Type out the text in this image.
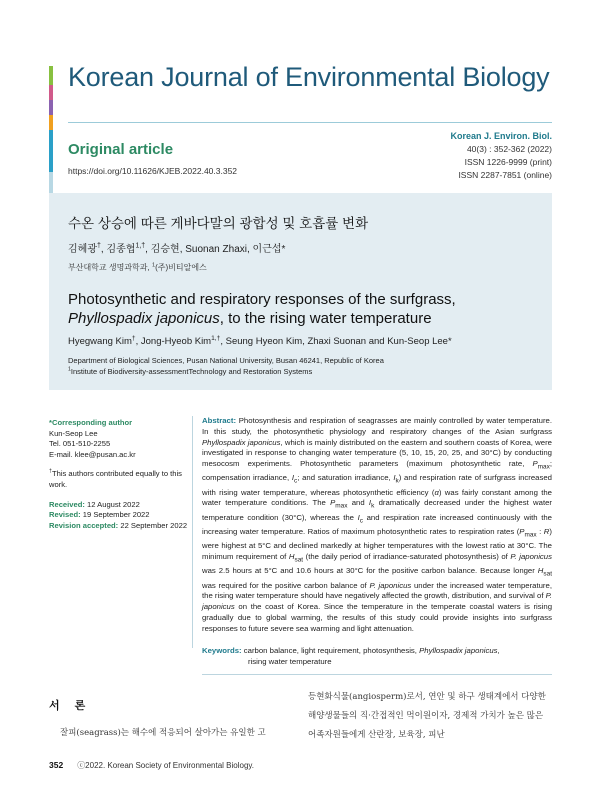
Korean Journal of Environmental Biology
Original article
https://doi.org/10.11626/KJEB.2022.40.3.352
Korean J. Environ. Biol.
40(3) : 352-362 (2022)
ISSN 1226-9999 (print)
ISSN 2287-7851 (online)
수온 상승에 따른 게바다말의 광합성 및 호흡률 변화
김혜광†, 김종협$^{1,\dagger}$, 김승현, Suonan Zhaxi, 이근섭*
부산대학교 생명과학과, $^1$(주)비티알에스
Photosynthetic and respiratory responses of the surfgrass,
Phyllospadix japonicus, to the rising water temperature
Hyegwang Kim†, Jong-Hyeob Kim$^{1,\dagger}$, Seung Hyeon Kim, Zhaxi Suonan and Kun-Seop Lee*
Department of Biological Sciences, Pusan National University, Busan 46241, Republic of Korea
$^1$Institute of Biodiversity-assessmentTechnology and Restoration Systems
*Corresponding author
Kun-Seop Lee
Tel. 051-510-2255
E-mail. klee@pusan.ac.kr
†This authors contributed equally to this work.
Received: 12 August 2022
Revised: 19 September 2022
Revision accepted: 22 September 2022
Abstract: Photosynthesis and respiration of seagrasses are mainly controlled by water temperature. In this study, the photosynthetic physiology and respiratory changes of the Asian surfgrass Phyllospadix japonicus, which is mainly distributed on the eastern and southern coasts of Korea, were investigated in response to changing water temperature (5, 10, 15, 20, 25, and 30°C) by conducting mesocosm experiments. Photosynthetic parameters (maximum photosynthetic rate, $P_{max}$; compensation irradiance, $I_c$; and saturation irradiance, $I_k$) and respiration rate of surfgrass increased with rising water temperature, whereas photosynthetic efficiency (α) was fairly constant among the water temperature conditions. The $P_{max}$ and $I_k$ dramatically decreased under the highest water temperature condition (30°C), whereas the $I_c$ and respiration rate increased continuously with the increasing water temperature. Ratios of maximum photosynthetic rates to respiration rates ($P_{max}$ : R) were highest at 5°C and declined markedly at higher temperatures with the lowest ratio at 30°C. The minimum requirement of $H_{sat}$ (the daily period of irradiance-saturated photosynthesis) of P. japonicus was 2.5 hours at 5°C and 10.6 hours at 30°C for the positive carbon balance. Because longer $H_{sat}$ was required for the positive carbon balance of P. japonicus under the increased water temperature, the rising water temperature should have negatively affected the growth, distribution, and survival of P. japonicus on the coast of Korea. Since the temperature in the temperate coastal waters is rising gradually due to global warming, the results of this study could provide insights into surfgrass responses to future severe sea warming and light attenuation.
Keywords: carbon balance, light requirement, photosynthesis, Phyllospadix japonicus,
rising water temperature
서 론
잘피(seagrass)는 해수에 적응되어 살아가는 유일한 고
등현화식물(angiosperm)로서, 연안 및 하구 생태계에서 다양한 해양생물들의 직·간접적인 먹이원이자, 경제적 가치가 높은 많은 어족자원들에게 산란장, 보육장, 피난
352 ⓒ2022. Korean Society of Environmental Biology.
